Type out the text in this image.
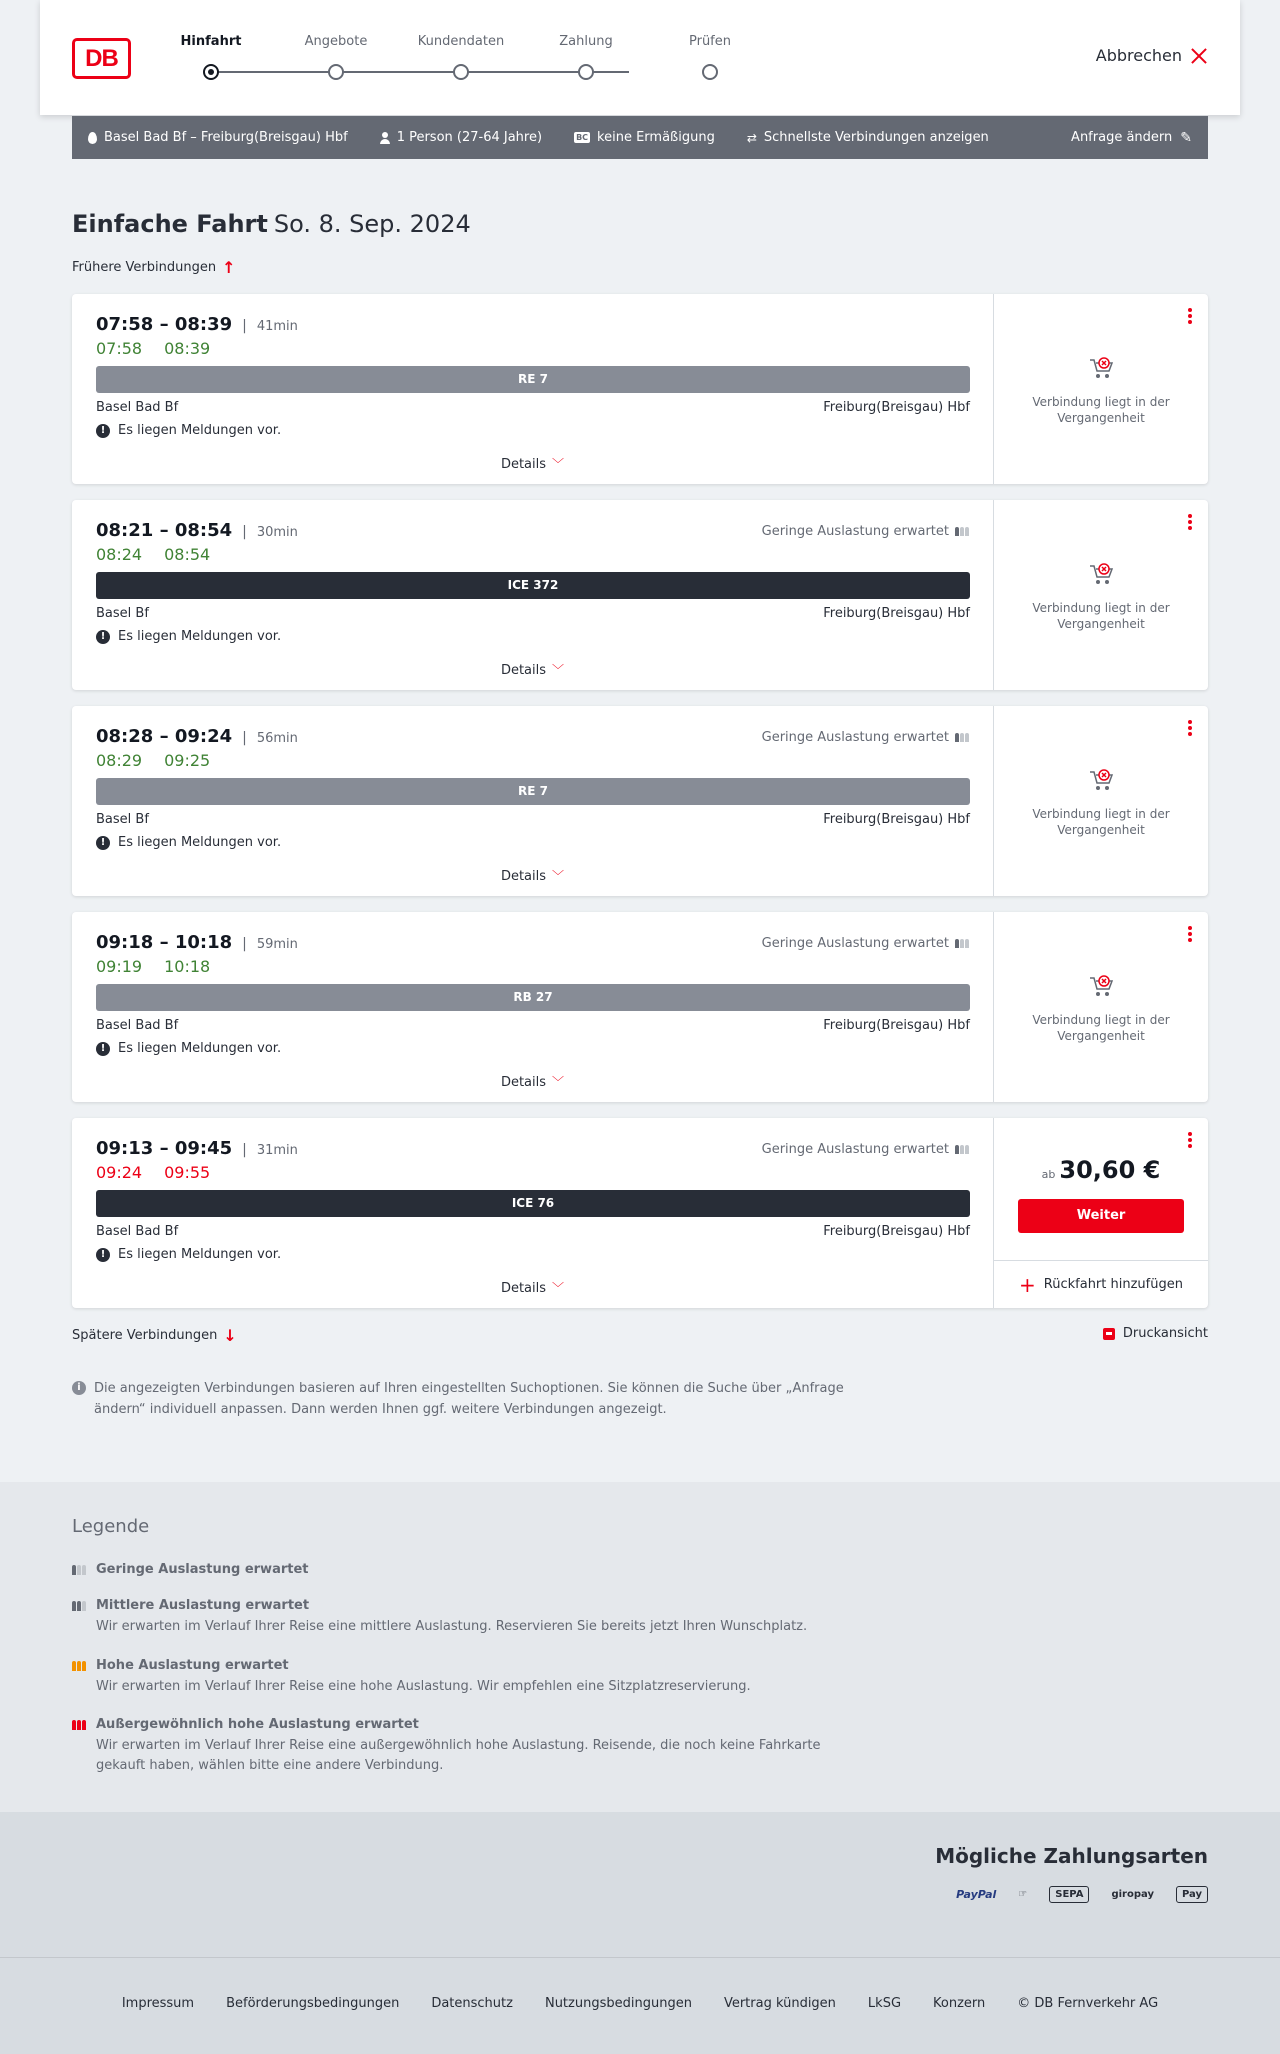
DB
Hinfahrt	Angebote	Kundendaten	Zahlung	Prüfen
Abbrechen
Basel Bad Bf – Freiburg(Breisgau) Hbf	1 Person (27-64 Jahre)	BC keine Ermäßigung	⇄ Schnellste Verbindungen anzeigen	Anfrage ändern ✎
Einfache Fahrt So. 8. Sep. 2024
Frühere Verbindungen ↑
07:58 – 08:39 | 41min
07:58 08:39
RE 7
Basel Bad Bf	Freiburg(Breisgau) Hbf
! Es liegen Meldungen vor.
Details ﹀
Verbindung liegt in der Vergangenheit
08:21 – 08:54 | 30min	Geringe Auslastung erwartet
08:24 08:54
ICE 372
Basel Bf	Freiburg(Breisgau) Hbf
! Es liegen Meldungen vor.
Details ﹀
Verbindung liegt in der Vergangenheit
08:28 – 09:24 | 56min	Geringe Auslastung erwartet
08:29 09:25
RE 7
Basel Bf	Freiburg(Breisgau) Hbf
! Es liegen Meldungen vor.
Details ﹀
Verbindung liegt in der Vergangenheit
09:18 – 10:18 | 59min	Geringe Auslastung erwartet
09:19 10:18
RB 27
Basel Bad Bf	Freiburg(Breisgau) Hbf
! Es liegen Meldungen vor.
Details ﹀
Verbindung liegt in der Vergangenheit
09:13 – 09:45 | 31min	Geringe Auslastung erwartet
09:24 09:55
ICE 76
Basel Bad Bf	Freiburg(Breisgau) Hbf
! Es liegen Meldungen vor.
Details ﹀
ab 30,60 €
Weiter
+ Rückfahrt hinzufügen
Spätere Verbindungen ↓	Druckansicht
i	Die angezeigten Verbindungen basieren auf Ihren eingestellten Suchoptionen. Sie können die Suche über „Anfrage ändern“ individuell anpassen. Dann werden Ihnen ggf. weitere Verbindungen angezeigt.
Legende
Geringe Auslastung erwartet
Mittlere Auslastung erwartet
Wir erwarten im Verlauf Ihrer Reise eine mittlere Auslastung. Reservieren Sie bereits jetzt Ihren Wunschplatz.
Hohe Auslastung erwartet
Wir erwarten im Verlauf Ihrer Reise eine hohe Auslastung. Wir empfehlen eine Sitzplatzreservierung.
Außergewöhnlich hohe Auslastung erwartet
Wir erwarten im Verlauf Ihrer Reise eine außergewöhnlich hohe Auslastung. Reisende, die noch keine Fahrkarte gekauft haben, wählen bitte eine andere Verbindung.
Mögliche Zahlungsarten
PayPal ☞	SEPA	giropay	Pay
Impressum Beförderungsbedingungen Datenschutz Nutzungsbedingungen Vertrag kündigen LkSG Konzern © DB Fernverkehr AG
